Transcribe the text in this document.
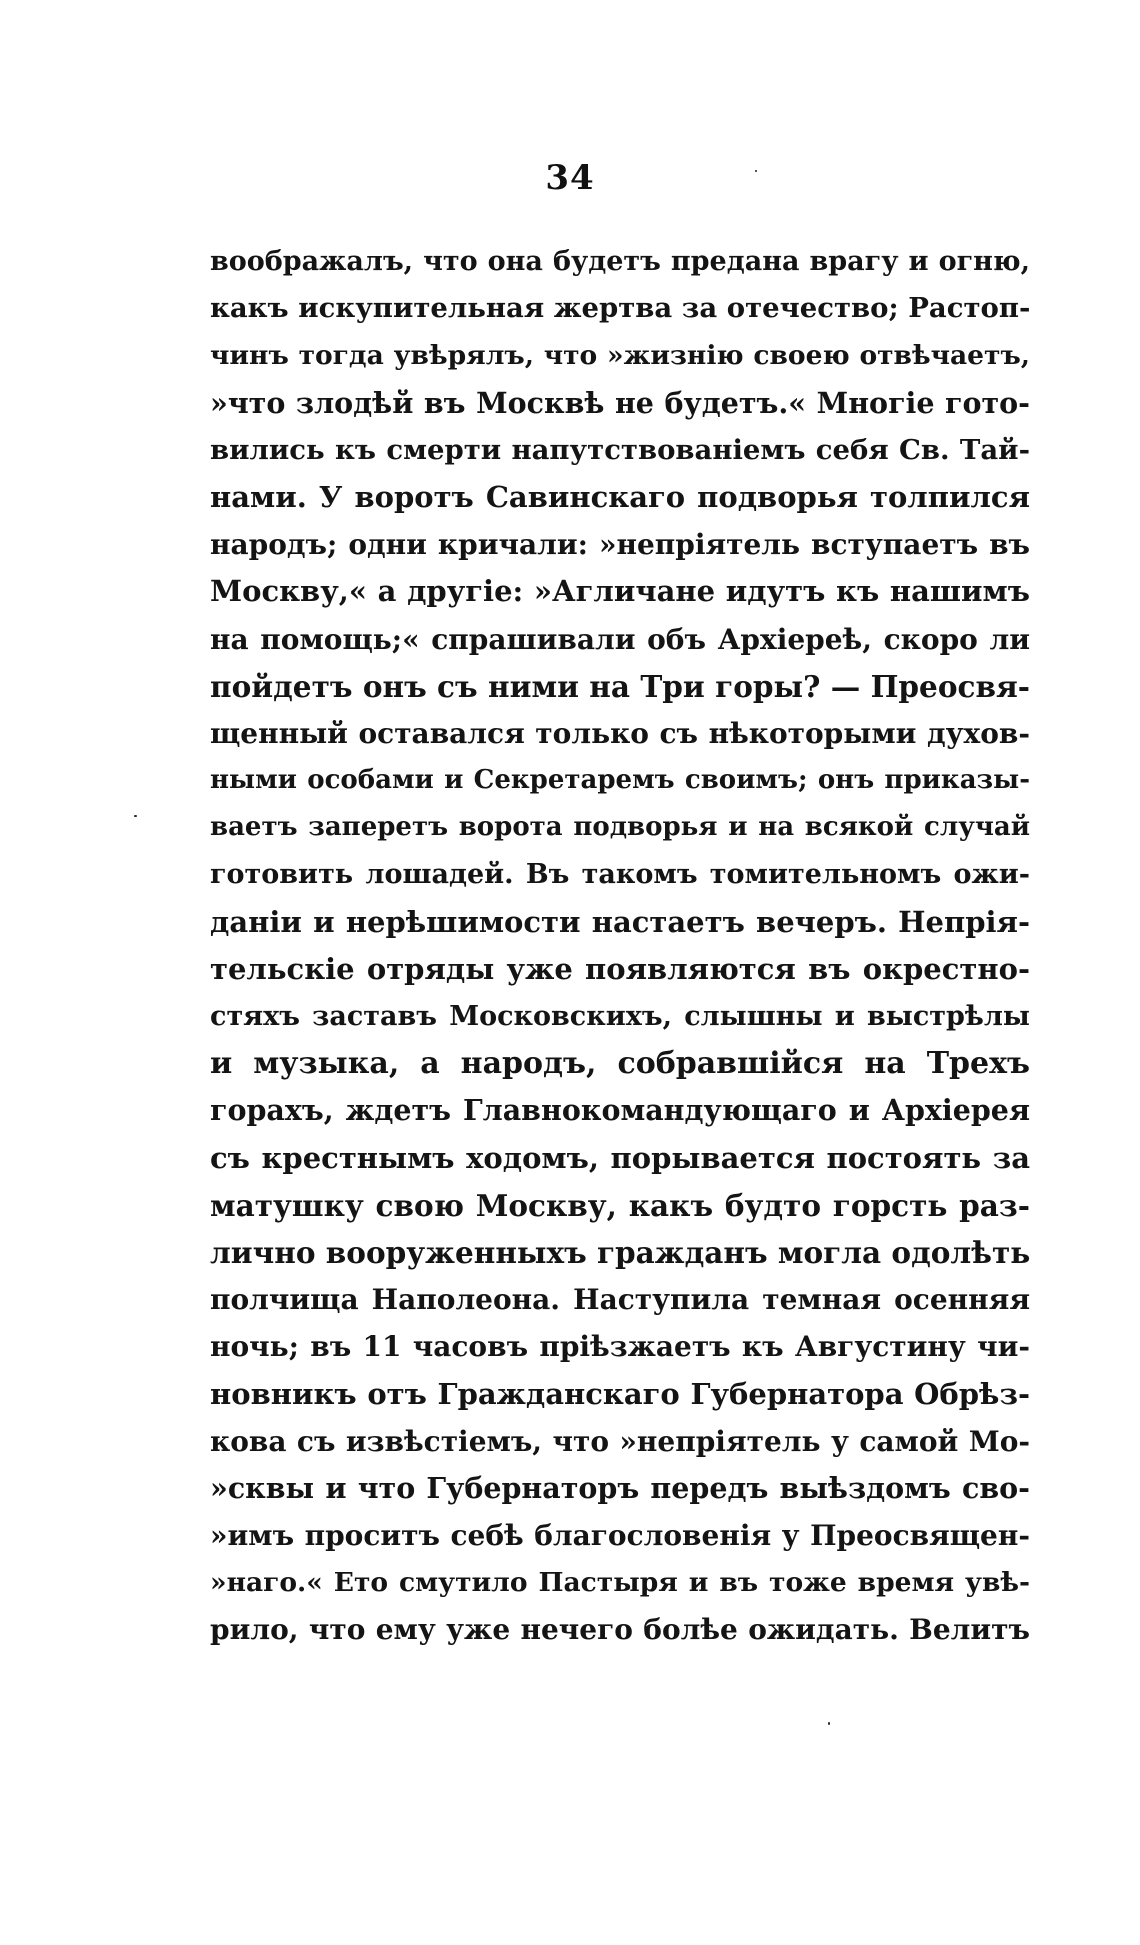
34
воображалъ, что она будетъ предана врагу и огню,
какъ искупительная жертва за отечество; Растоп-
чинъ тогда увѣрялъ, что »жизнію своею отвѣчаетъ,
»что злодѣй въ Москвѣ не будетъ.« Многіе гото-
вились къ смерти напутствованіемъ себя Св. Тай-
нами. У воротъ Савинскаго подворья толпился
народъ; одни кричали: »непріятель вступаетъ въ
Москву,« а другіе: »Агличане идутъ къ нашимъ
на помощь;« спрашивали объ Архіереѣ, скоро ли
пойдетъ онъ съ ними на Три горы? — Преосвя-
щенный оставался только съ нѣкоторыми духов-
ными особами и Секретаремъ своимъ; онъ приказы-
ваетъ заперетъ ворота подворья и на всякой случай
готовить лошадей. Въ такомъ томительномъ ожи-
даніи и нерѣшимости настаетъ вечеръ. Непрія-
тельскіе отряды уже появляются въ окрестно-
стяхъ заставъ Московскихъ, слышны и выстрѣлы
и музыка, а народъ, собравшійся на Трехъ
горахъ, ждетъ Главнокомандующаго и Архіерея
съ крестнымъ ходомъ, порывается постоять за
матушку свою Москву, какъ будто горсть раз-
лично вооруженныхъ гражданъ могла одолѣть
полчища Наполеона. Наступила темная осенняя
ночь; въ 11 часовъ пріѣзжаетъ къ Августину чи-
новникъ отъ Гражданскаго Губернатора Обрѣз-
кова съ извѣстіемъ, что »непріятель у самой Мо-
»сквы и что Губернаторъ передъ выѣздомъ сво-
»имъ проситъ себѣ благословенія у Преосвящен-
»наго.« Ето смутило Пастыря и въ тоже время увѣ-
рило, что ему уже нечего болѣе ожидать. Велитъ
